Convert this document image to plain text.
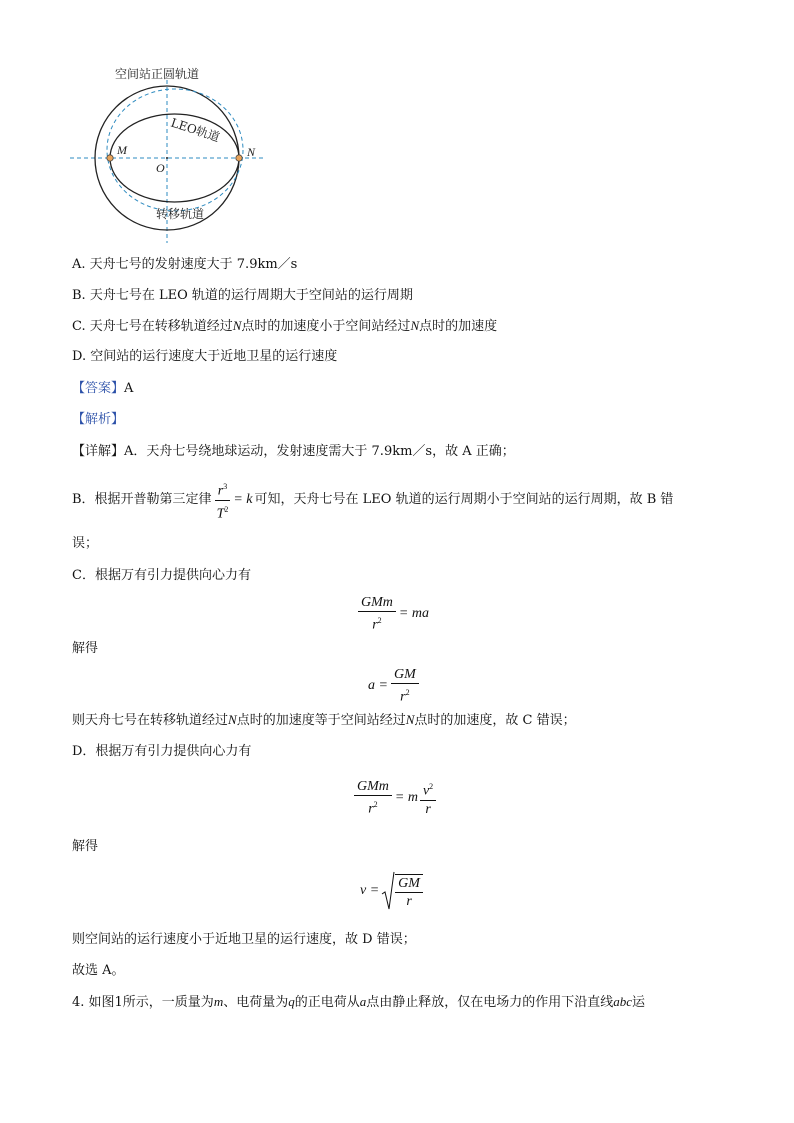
空间站正圆轨道
LEO轨道
转移轨道
M	N
O
A. 天舟七号的发射速度大于 7.9km／s
B. 天舟七号在 LEO 轨道的运行周期大于空间站的运行周期
C. 天舟七号在转移轨道经过N点时的加速度小于空间站经过N点时的加速度
D. 空间站的运行速度大于近地卫星的运行速度
【答案】A
【解析】
【详解】A．天舟七号绕地球运动，发射速度需大于 7.9km／s，故 A 正确；
B．根据开普勒第三定律 $\frac{r^3}{T^2} = k$ 可知，天舟七号在 LEO 轨道的运行周期小于空间站的运行周期，故 B 错
误；
C．根据万有引力提供向心力有
$\frac{\text{GMm}}{r^2}$ = ma
解得
$a = \frac{GM}{r^2}$
则天舟七号在转移轨道经过N点时的加速度等于空间站经过N点时的加速度，故 C 错误；
D．根据万有引力提供向心力有
$\frac{\text{GMm}}{r^2} = m \frac{v^2}{r}$
解得
$v = \frac{GM}{r}$
则空间站的运行速度小于近地卫星的运行速度，故 D 错误；
故选 A。
4. 如图1所示，一质量为m、电荷量为q的正电荷从a点由静止释放，仅在电场力的作用下沿直线abc运
